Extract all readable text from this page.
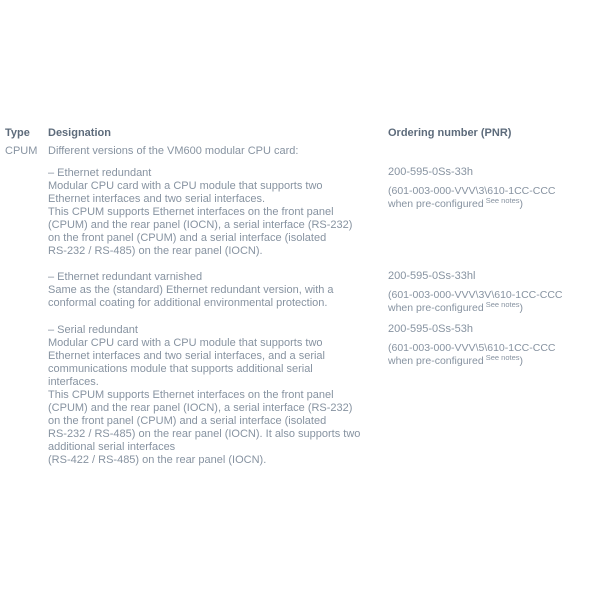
Type Designation	Ordering number (PNR)
CPUM Different versions of the VM600 modular CPU card:
– Ethernet redundant
Modular CPU card with a CPU module that supports two
Ethernet interfaces and two serial interfaces.
This CPUM supports Ethernet interfaces on the front panel
(CPUM) and the rear panel (IOCN), a serial interface (RS-232)
on the front panel (CPUM) and a serial interface (isolated
RS-232 / RS-485) on the rear panel (IOCN).
200-595-0Ss-33h
(601-003-000-VVV\3\610-1CC-CCC
when pre-configured $^{See notes}$)
– Ethernet redundant varnished
Same as the (standard) Ethernet redundant version, with a
conformal coating for additional environmental protection.
200-595-0Ss-33hl
(601-003-000-VVV\3V\610-1CC-CCC
when pre-configured $^{See notes}$)
– Serial redundant
Modular CPU card with a CPU module that supports two
Ethernet interfaces and two serial interfaces, and a serial
communications module that supports additional serial
interfaces.
This CPUM supports Ethernet interfaces on the front panel
(CPUM) and the rear panel (IOCN), a serial interface (RS-232)
on the front panel (CPUM) and a serial interface (isolated
RS-232 / RS-485) on the rear panel (IOCN). It also supports two
additional serial interfaces
(RS-422 / RS-485) on the rear panel (IOCN).
200-595-0Ss-53h
(601-003-000-VVV\5\610-1CC-CCC
when pre-configured $^{See notes}$)
